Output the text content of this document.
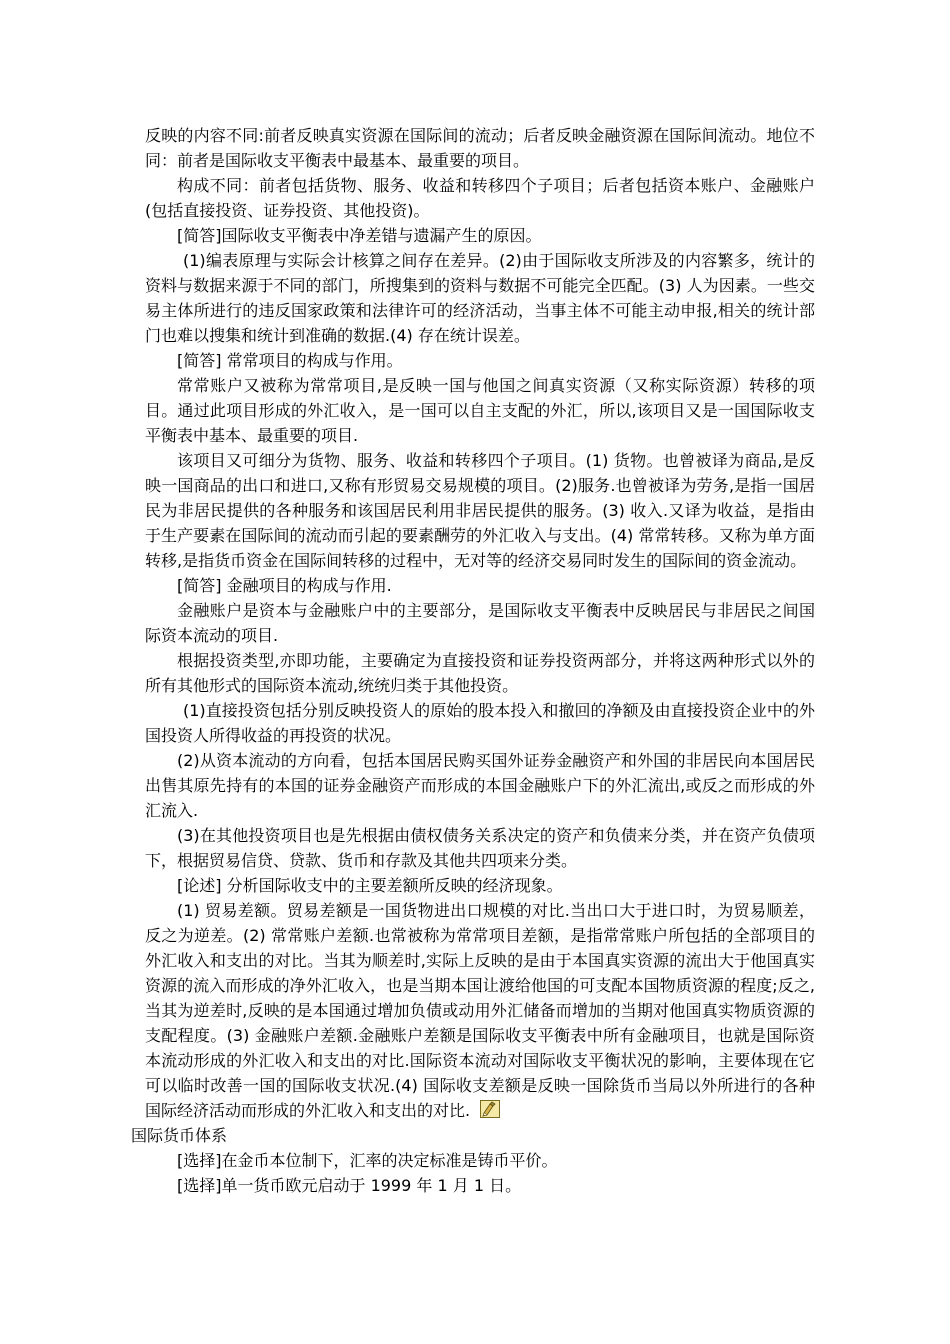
反映的内容不同:前者反映真实资源在国际间的流动；后者反映金融资源在国际间流动。地位不同：前者是国际收支平衡表中最基本、最重要的项目。

构成不同：前者包括货物、服务、收益和转移四个子项目；后者包括资本账户、金融账户(包括直接投资、证券投资、其他投资)。

[简答]国际收支平衡表中净差错与遗漏产生的原因。

(1)编表原理与实际会计核算之间存在差异。(2)由于国际收支所涉及的内容繁多，统计的资料与数据来源于不同的部门，所搜集到的资料与数据不可能完全匹配。(3) 人为因素。一些交易主体所进行的违反国家政策和法律许可的经济活动，当事主体不可能主动申报,相关的统计部门也难以搜集和统计到准确的数据.(4) 存在统计误差。

[简答] 常常项目的构成与作用。

常常账户又被称为常常项目,是反映一国与他国之间真实资源（又称实际资源）转移的项目。通过此项目形成的外汇收入，是一国可以自主支配的外汇，所以,该项目又是一国国际收支平衡表中基本、最重要的项目.

该项目又可细分为货物、服务、收益和转移四个子项目。(1) 货物。也曾被译为商品,是反映一国商品的出口和进口,又称有形贸易交易规模的项目。(2)服务.也曾被译为劳务,是指一国居民为非居民提供的各种服务和该国居民利用非居民提供的服务。(3) 收入.又译为收益，是指由于生产要素在国际间的流动而引起的要素酬劳的外汇收入与支出。(4) 常常转移。又称为单方面转移,是指货币资金在国际间转移的过程中，无对等的经济交易同时发生的国际间的资金流动。

[简答] 金融项目的构成与作用.

金融账户是资本与金融账户中的主要部分，是国际收支平衡表中反映居民与非居民之间国际资本流动的项目.

根据投资类型,亦即功能，主要确定为直接投资和证券投资两部分，并将这两种形式以外的所有其他形式的国际资本流动,统统归类于其他投资。

(1)直接投资包括分别反映投资人的原始的股本投入和撤回的净额及由直接投资企业中的外国投资人所得收益的再投资的状况。

(2)从资本流动的方向看，包括本国居民购买国外证券金融资产和外国的非居民向本国居民出售其原先持有的本国的证券金融资产而形成的本国金融账户下的外汇流出,或反之而形成的外汇流入.

(3)在其他投资项目也是先根据由债权债务关系决定的资产和负债来分类，并在资产负债项下，根据贸易信贷、贷款、货币和存款及其他共四项来分类。

[论述] 分析国际收支中的主要差额所反映的经济现象。

(1) 贸易差额。贸易差额是一国货物进出口规模的对比.当出口大于进口时，为贸易顺差，反之为逆差。(2) 常常账户差额.也常被称为常常项目差额，是指常常账户所包括的全部项目的外汇收入和支出的对比。当其为顺差时,实际上反映的是由于本国真实资源的流出大于他国真实资源的流入而形成的净外汇收入，也是当期本国让渡给他国的可支配本国物质资源的程度;反之,当其为逆差时,反映的是本国通过增加负债或动用外汇储备而增加的当期对他国真实物质资源的支配程度。(3) 金融账户差额.金融账户差额是国际收支平衡表中所有金融项目，也就是国际资本流动形成的外汇收入和支出的对比.国际资本流动对国际收支平衡状况的影响，主要体现在它可以临时改善一国的国际收支状况.(4) 国际收支差额是反映一国除货币当局以外所进行的各种国际经济活动而形成的外汇收入和支出的对比.

国际货币体系

[选择]在金币本位制下，汇率的决定标准是铸币平价。

[选择]单一货币欧元启动于 1999 年 1 月 1 日。
